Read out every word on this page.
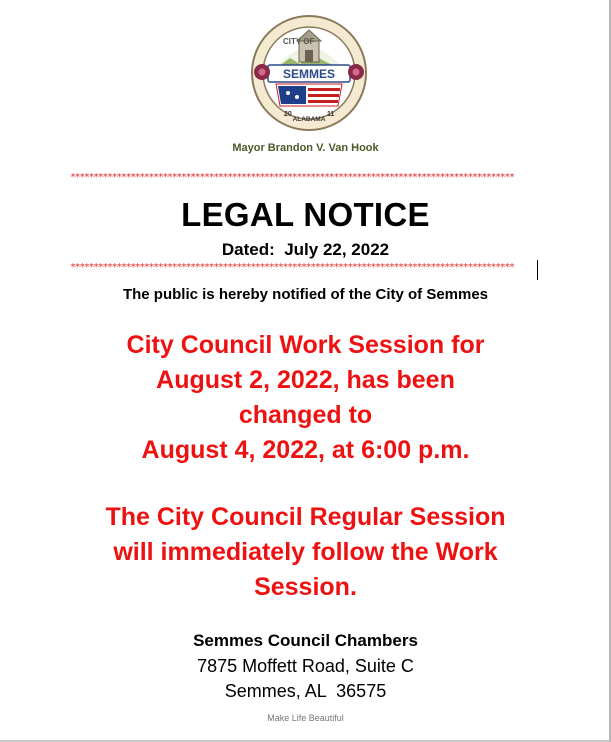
CITY OF
SEMMES
20	11
ALABAMA
Mayor Brandon V. Van Hook
************************************************************************************************
LEGAL NOTICE
Dated:  July 22, 2022
************************************************************************************************
The public is hereby notified of the City of Semmes
City Council Work Session for
August 2, 2022, has been
changed to
August 4, 2022, at 6:00 p.m.
The City Council Regular Session
will immediately follow the Work
Session.
Semmes Council Chambers
7875 Moffett Road, Suite C
Semmes, AL  36575
Make Life Beautiful
